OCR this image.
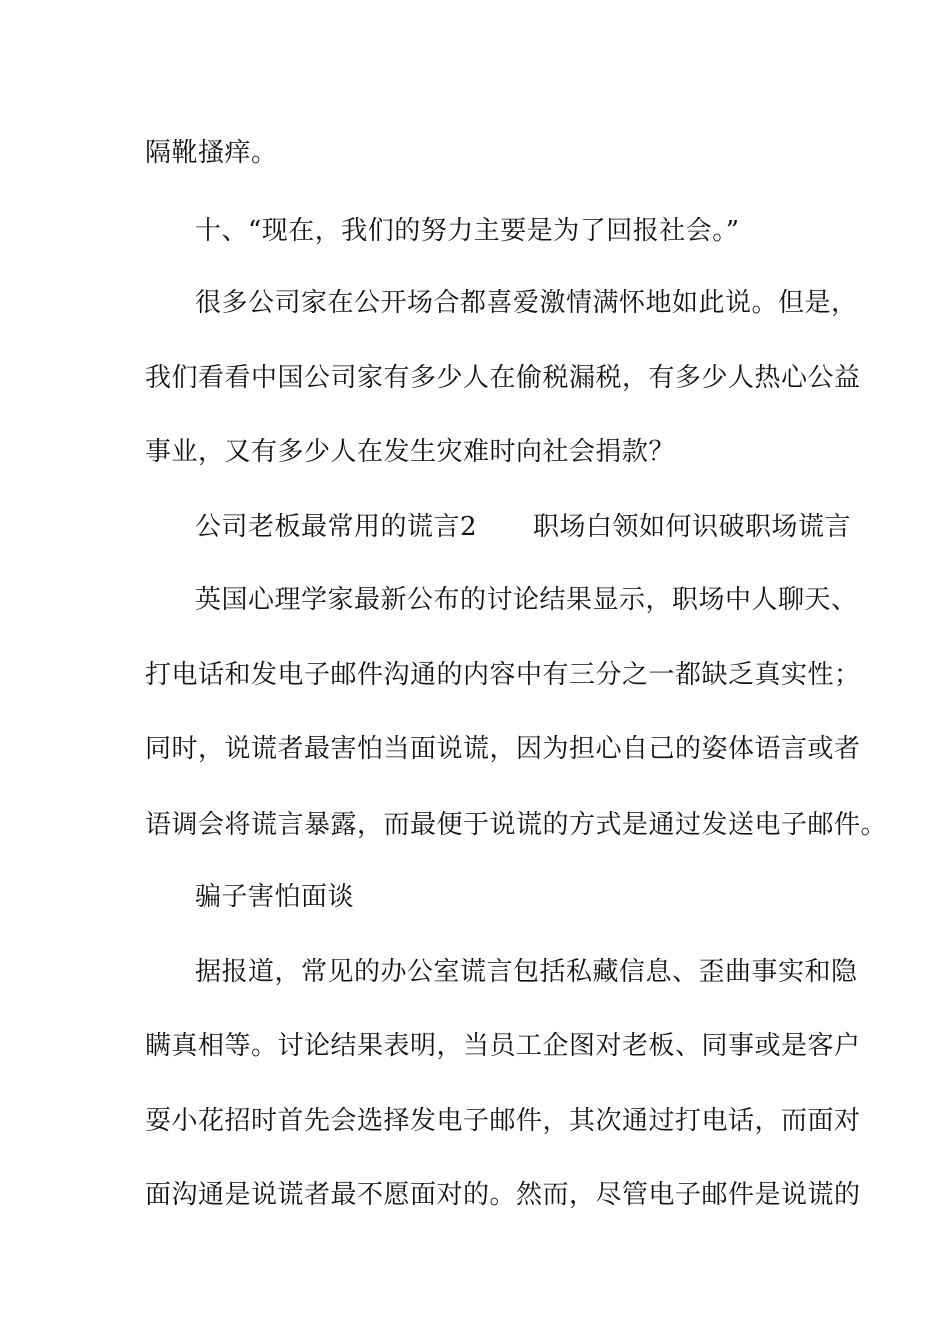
隔靴搔痒。
十、“现在，我们的努力主要是为了回报社会。”
很多公司家在公开场合都喜爱激情满怀地如此说。但是，
我们看看中国公司家有多少人在偷税漏税，有多少人热心公益
事业，又有多少人在发生灾难时向社会捐款？
公司老板最常用的谎言2 职场白领如何识破职场谎言
英国心理学家最新公布的讨论结果显示，职场中人聊天、
打电话和发电子邮件沟通的内容中有三分之一都缺乏真实性；
同时，说谎者最害怕当面说谎，因为担心自己的姿体语言或者
语调会将谎言暴露，而最便于说谎的方式是通过发送电子邮件。
骗子害怕面谈
据报道，常见的办公室谎言包括私藏信息、歪曲事实和隐
瞒真相等。讨论结果表明，当员工企图对老板、同事或是客户
耍小花招时首先会选择发电子邮件，其次通过打电话，而面对
面沟通是说谎者最不愿面对的。然而，尽管电子邮件是说谎的
